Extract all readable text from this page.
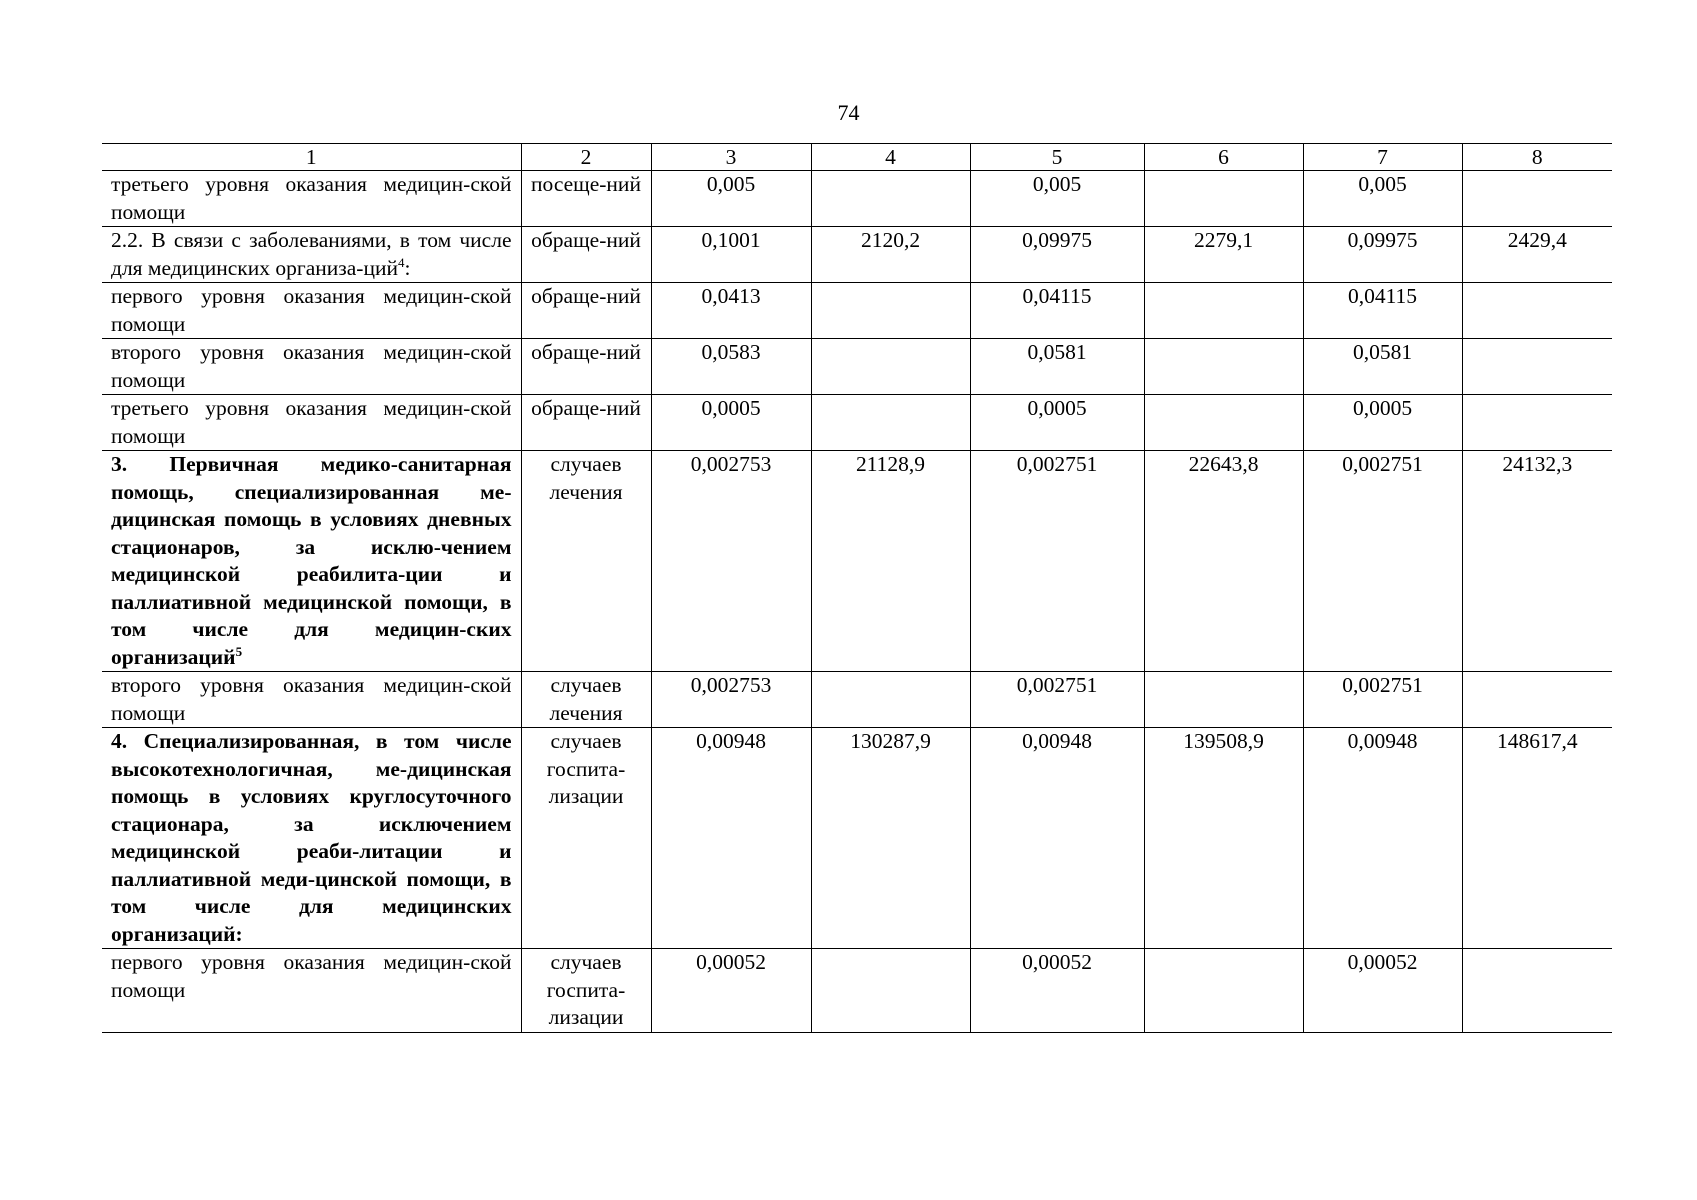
74
1	2	3	4	5	6	7	8
третьего уровня оказания медицин-ской помощи	посеще-ний	0,005		0,005		0,005	
2.2. В связи с заболеваниями, в том числе для медицинских организа-ций$^4$:	обраще-ний	0,1001	2120,2	0,09975	2279,1	0,09975	2429,4
первого уровня оказания медицин-ской помощи	обраще-ний	0,0413		0,04115		0,04115	
второго уровня оказания медицин-ской помощи	обраще-ний	0,0583		0,0581		0,0581	
третьего уровня оказания медицин-ской помощи	обраще-ний	0,0005		0,0005		0,0005	
3. Первичная медико-санитарная помощь, специализированная ме-дицинская помощь в условиях дневных стационаров, за исклю-чением медицинской реабилита-ции и паллиативной медицинской помощи, в том числе для медицин-ских организаций$^5$	случаев лечения	0,002753	21128,9	0,002751	22643,8	0,002751	24132,3
второго уровня оказания медицин-ской помощи	случаев лечения	0,002753		0,002751		0,002751	
4. Специализированная, в том числе высокотехнологичная, ме-дицинская помощь в условиях круглосуточного стационара, за исключением медицинской реаби-литации и паллиативной меди-цинской помощи, в том числе для медицинских организаций:	случаев госпита-лизации	0,00948	130287,9	0,00948	139508,9	0,00948	148617,4
первого уровня оказания медицин-ской помощи	случаев госпита-лизации	0,00052		0,00052		0,00052	
